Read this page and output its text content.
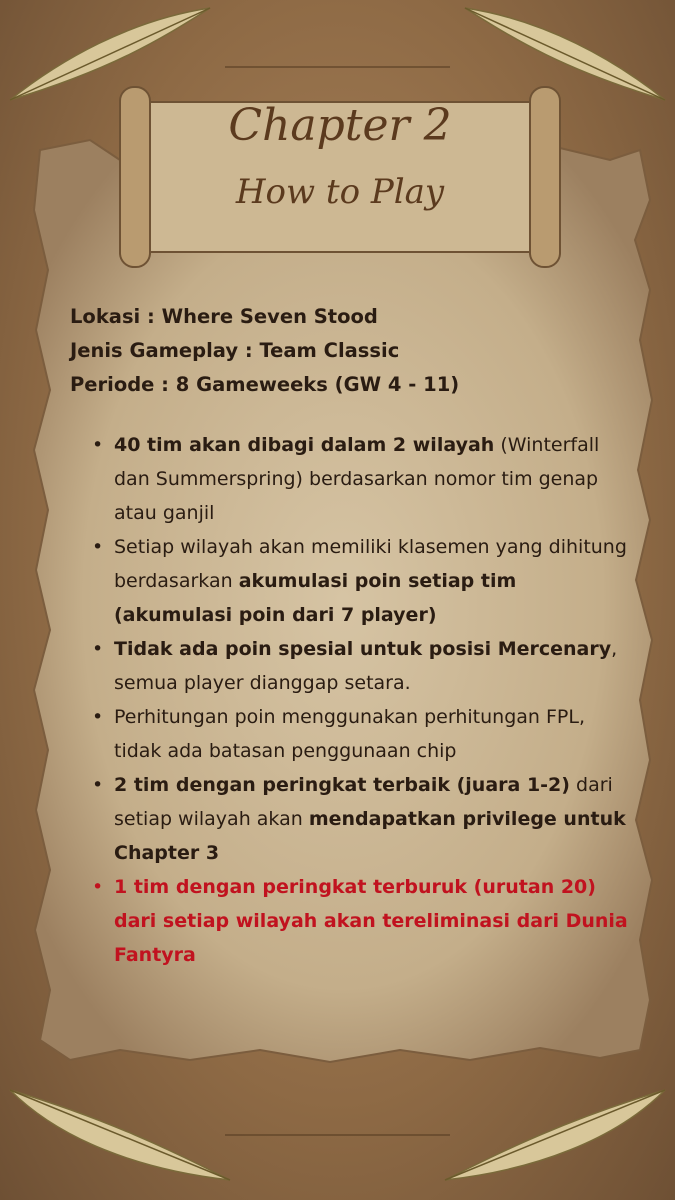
Chapter 2
How to Play
Lokasi : Where Seven Stood
Jenis Gameplay : Team Classic
Periode : 8 Gameweeks (GW 4 - 11)
• 40 tim akan dibagi dalam 2 wilayah (Winterfall dan Summerspring) berdasarkan nomor tim genap atau ganjil
• Setiap wilayah akan memiliki klasemen yang dihitung berdasarkan akumulasi poin setiap tim (akumulasi poin dari 7 player)
• Tidak ada poin spesial untuk posisi Mercenary, semua player dianggap setara.
• Perhitungan poin menggunakan perhitungan FPL, tidak ada batasan penggunaan chip
• 2 tim dengan peringkat terbaik (juara 1-2) dari setiap wilayah akan mendapatkan privilege untuk Chapter 3
• 1 tim dengan peringkat terburuk (urutan 20) dari setiap wilayah akan tereliminasi dari Dunia Fantyra
